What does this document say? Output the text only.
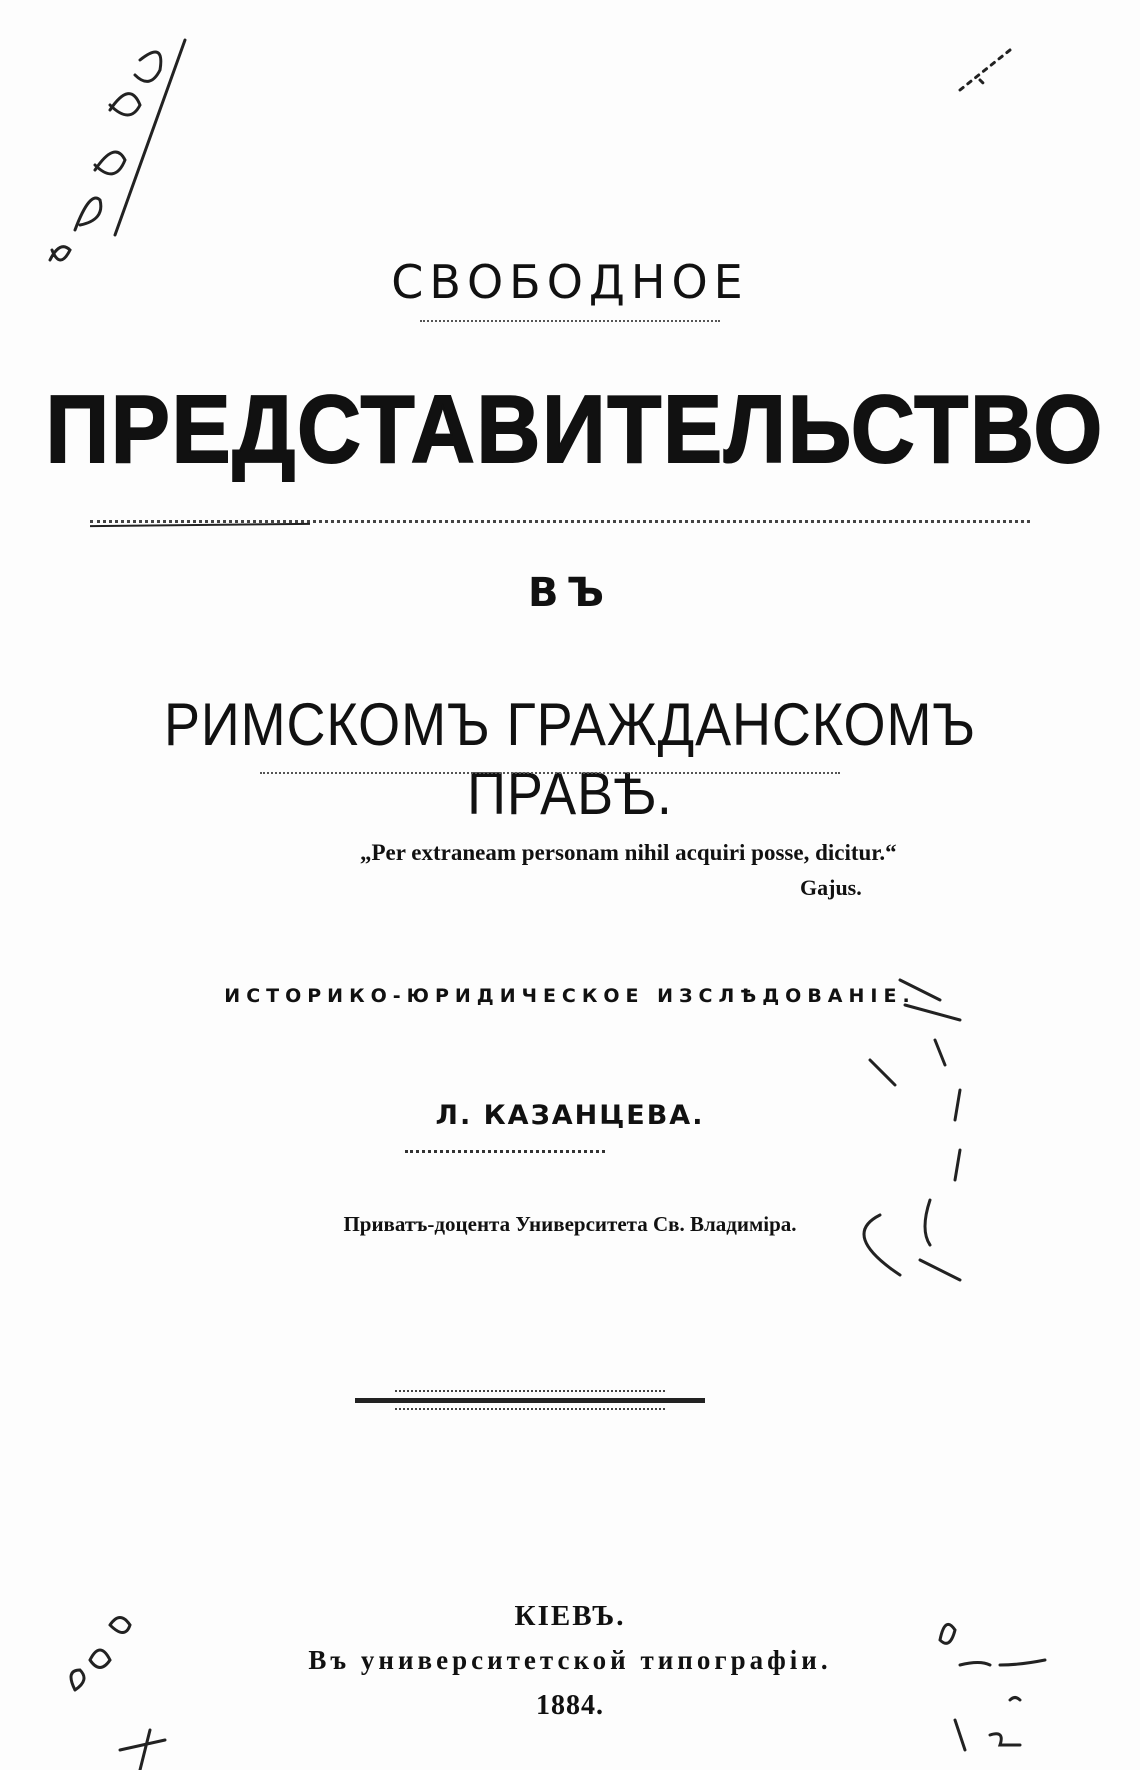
СВОБОДНОЕ
ПРЕДСТАВИТЕЛЬСТВО
ВЪ
РИМСКОМЪ ГРАЖДАНСКОМЪ ПРАВѢ.
„Per extraneam personam nihil acquiri posse, dicitur.“
Gajus.
ИСТОРИКО-ЮРИДИЧЕСКОЕ ИЗСЛѢДОВАНІЕ.
Л. КАЗАНЦЕВА.
Приватъ-доцента Университета Св. Владиміра.
КІЕВЪ.
Въ университетской типографіи.
1884.
